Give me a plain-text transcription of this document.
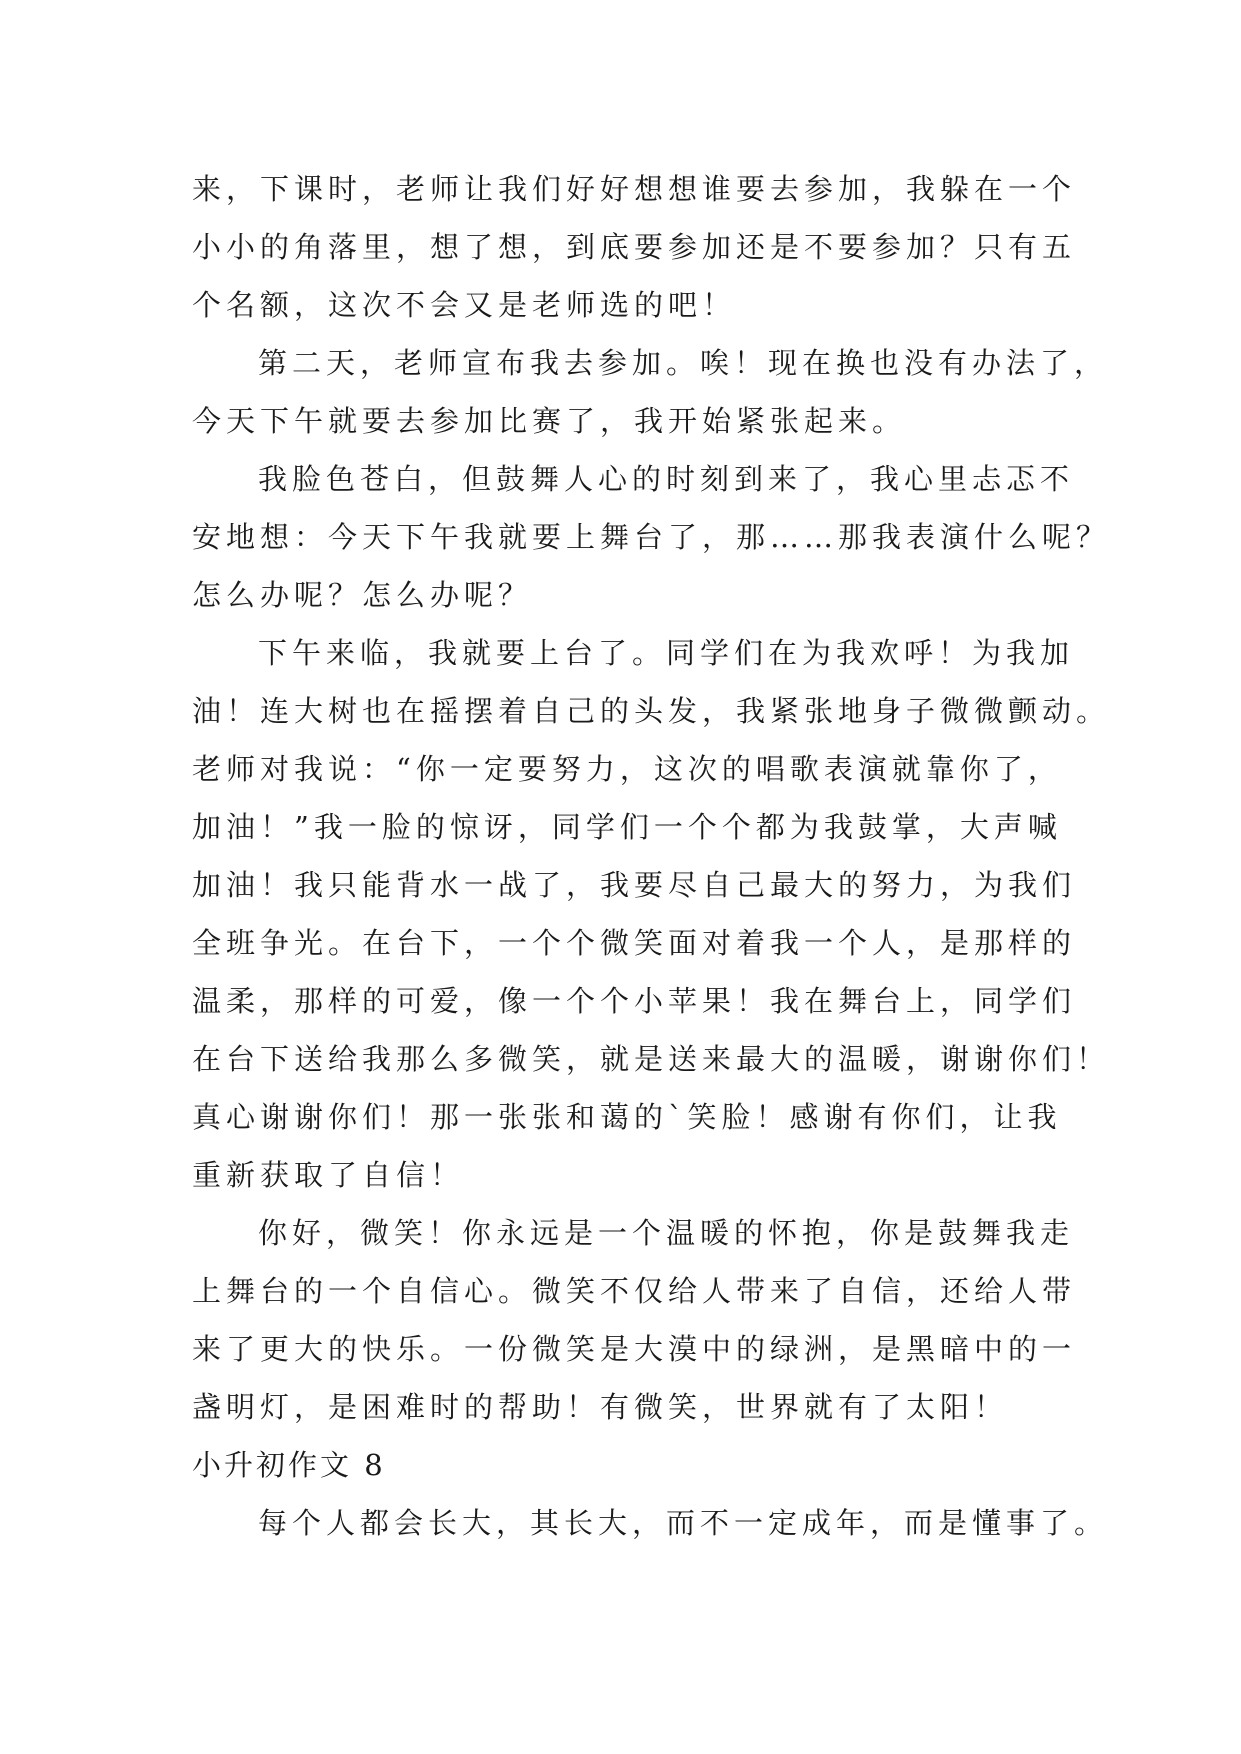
来，下课时，老师让我们好好想想谁要去参加，我躲在一个
小小的角落里，想了想，到底要参加还是不要参加？只有五
个名额，这次不会又是老师选的吧！
第二天，老师宣布我去参加。唉！现在换也没有办法了，
今天下午就要去参加比赛了，我开始紧张起来。
我脸色苍白，但鼓舞人心的时刻到来了，我心里忐忑不
安地想：今天下午我就要上舞台了，那……那我表演什么呢？
怎么办呢？怎么办呢？
下午来临，我就要上台了。同学们在为我欢呼！为我加
油！连大树也在摇摆着自己的头发，我紧张地身子微微颤动。
老师对我说：“你一定要努力，这次的唱歌表演就靠你了，
加油！”我一脸的惊讶，同学们一个个都为我鼓掌，大声喊
加油！我只能背水一战了，我要尽自己最大的努力，为我们
全班争光。在台下，一个个微笑面对着我一个人，是那样的
温柔，那样的可爱，像一个个小苹果！我在舞台上，同学们
在台下送给我那么多微笑，就是送来最大的温暖，谢谢你们！
真心谢谢你们！那一张张和蔼的`笑脸！感谢有你们，让我
重新获取了自信！
你好，微笑！你永远是一个温暖的怀抱，你是鼓舞我走
上舞台的一个自信心。微笑不仅给人带来了自信，还给人带
来了更大的快乐。一份微笑是大漠中的绿洲，是黑暗中的一
盏明灯，是困难时的帮助！有微笑，世界就有了太阳！
小升初作文 8
每个人都会长大，其长大，而不一定成年，而是懂事了。
